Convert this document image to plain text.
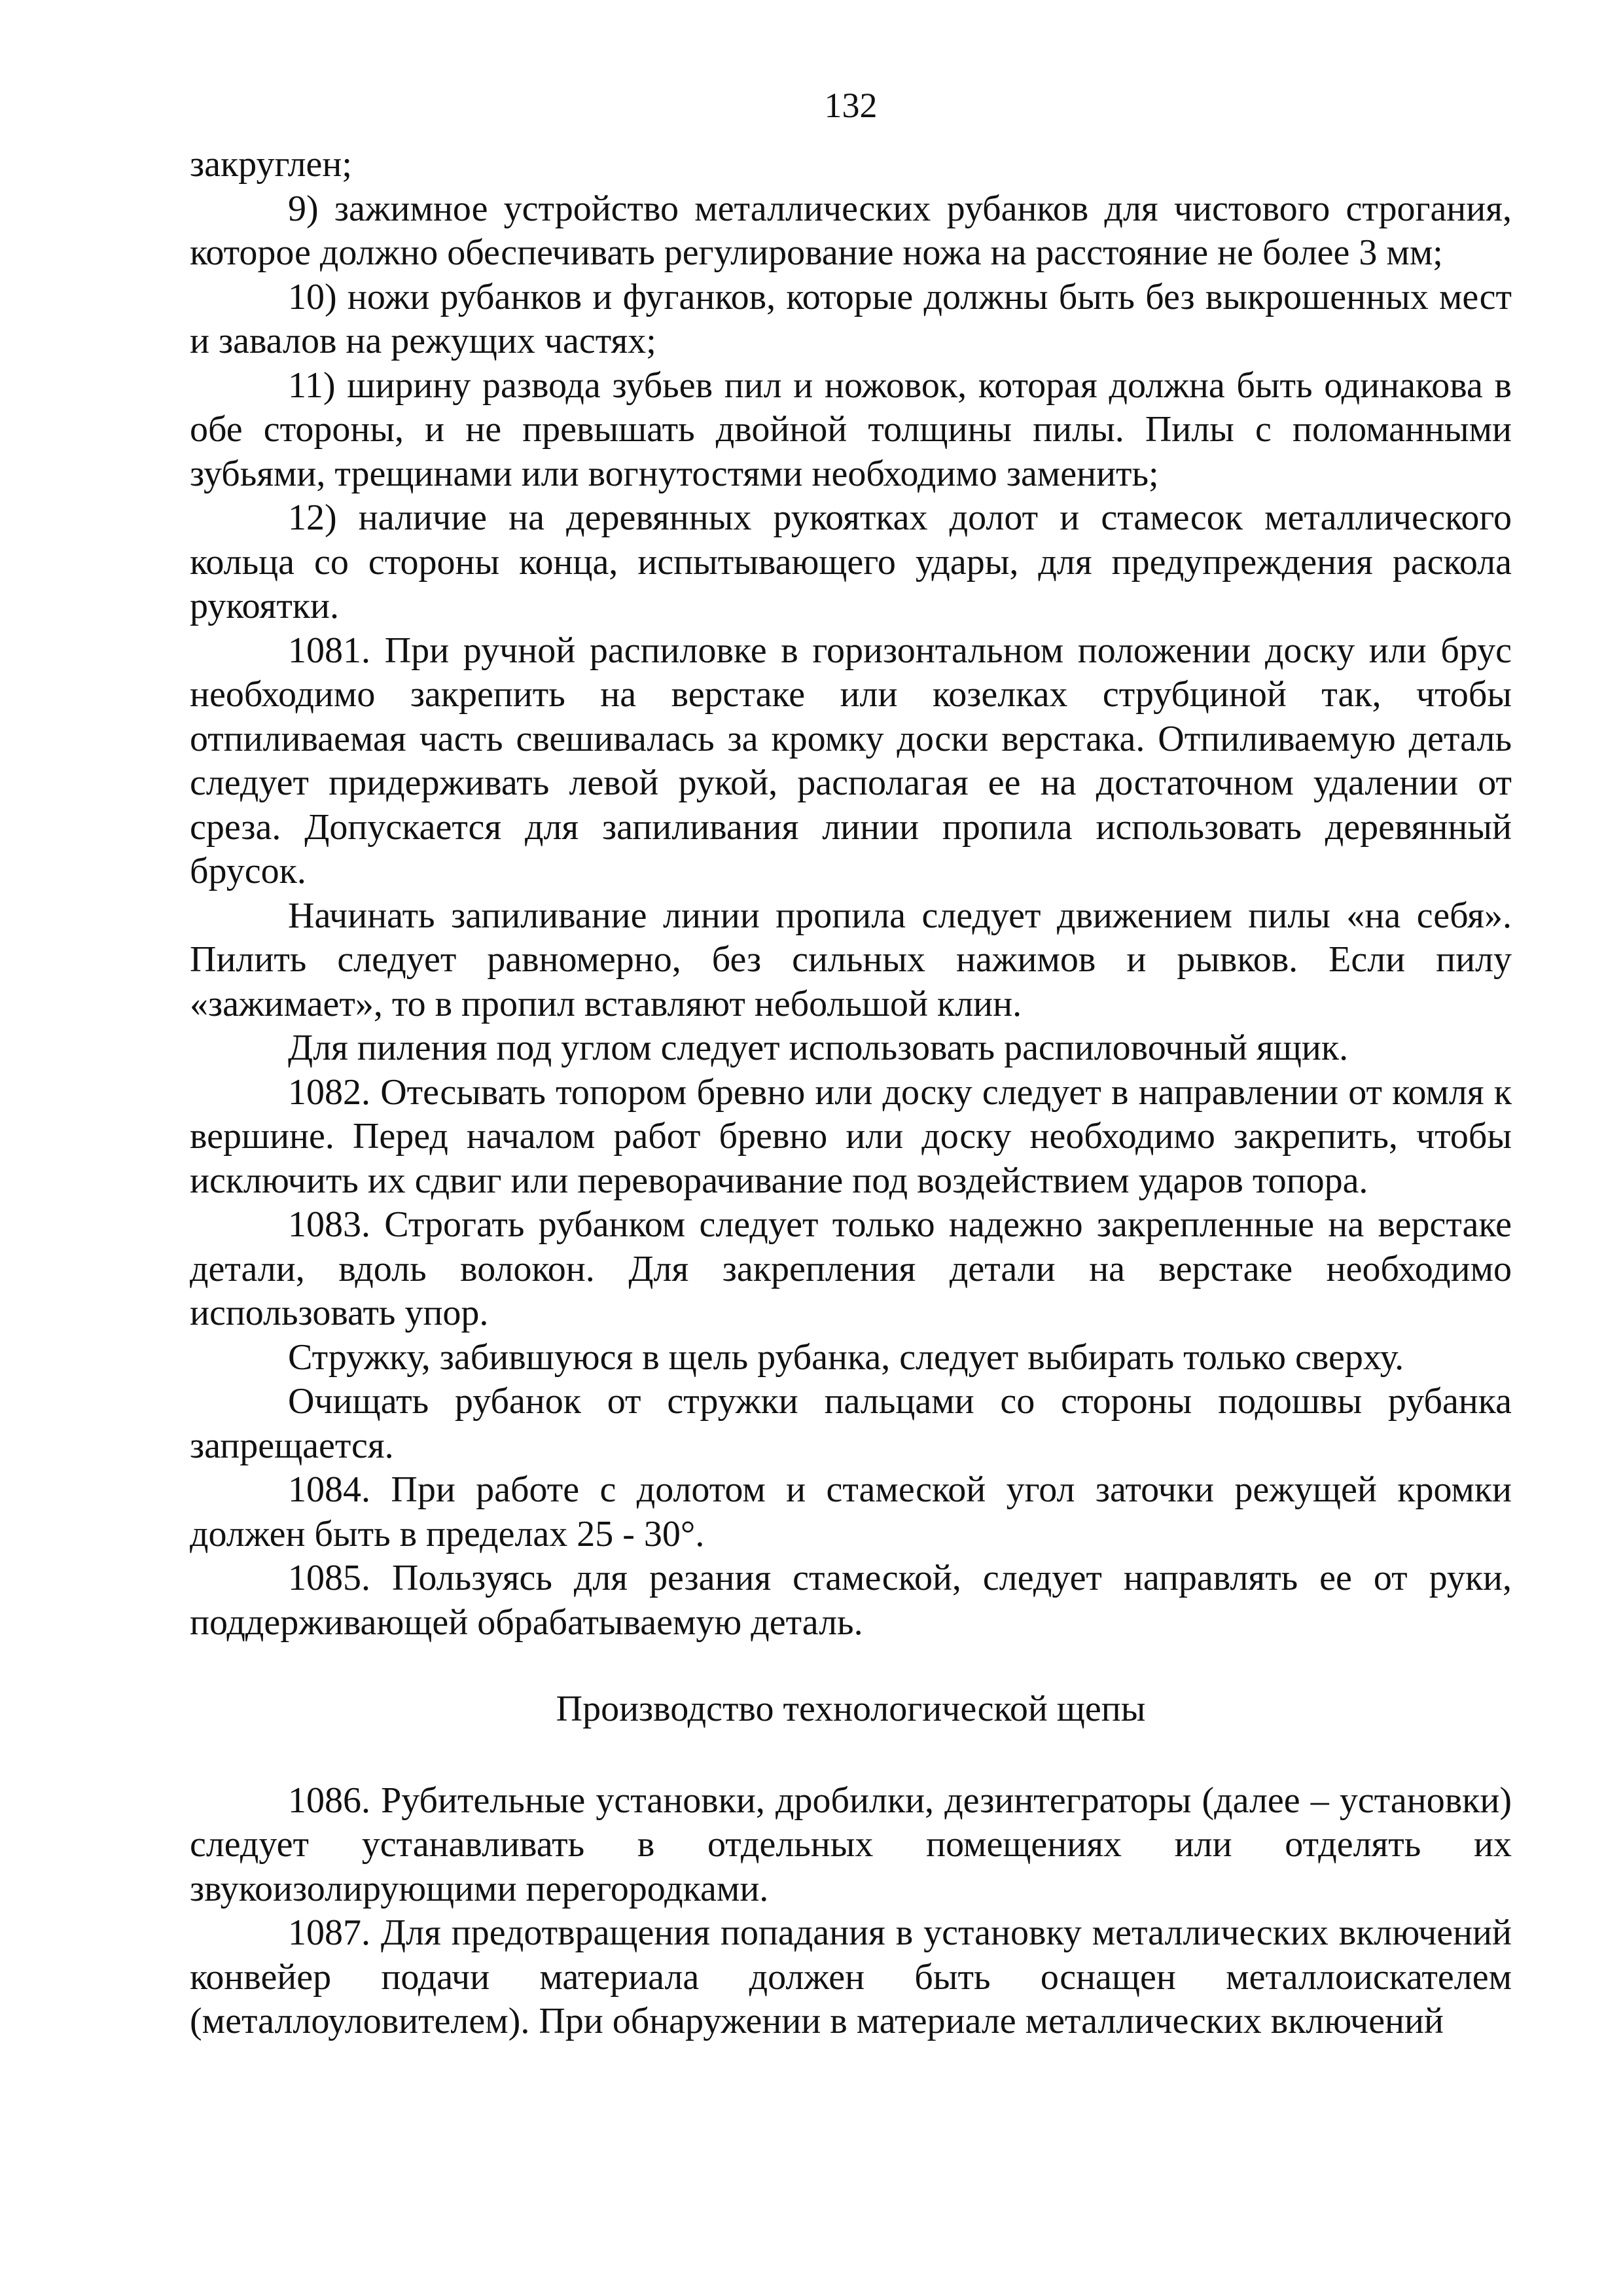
132

закруглен;

9) зажимное устройство металлических рубанков для чистового строгания, которое должно обеспечивать регулирование ножа на расстояние не более 3 мм;

10) ножи рубанков и фуганков, которые должны быть без выкрошенных мест и завалов на режущих частях;

11) ширину развода зубьев пил и ножовок, которая должна быть одинакова в обе стороны, и не превышать двойной толщины пилы. Пилы с поломанными зубьями, трещинами или вогнутостями необходимо заменить;

12) наличие на деревянных рукоятках долот и стамесок металлического кольца со стороны конца, испытывающего удары, для предупреждения раскола рукоятки.

1081. При ручной распиловке в горизонтальном положении доску или брус необходимо закрепить на верстаке или козелках струбциной так, чтобы отпиливаемая часть свешивалась за кромку доски верстака. Отпиливаемую деталь следует придерживать левой рукой, располагая ее на достаточном удалении от среза. Допускается для запиливания линии пропила использовать деревянный брусок.

Начинать запиливание линии пропила следует движением пилы «на себя». Пилить следует равномерно, без сильных нажимов и рывков. Если пилу «зажимает», то в пропил вставляют небольшой клин.

Для пиления под углом следует использовать распиловочный ящик.

1082. Отесывать топором бревно или доску следует в направлении от комля к вершине. Перед началом работ бревно или доску необходимо закрепить, чтобы исключить их сдвиг или переворачивание под воздействием ударов топора.

1083. Строгать рубанком следует только надежно закрепленные на верстаке детали, вдоль волокон. Для закрепления детали на верстаке необходимо использовать упор.

Стружку, забившуюся в щель рубанка, следует выбирать только сверху.

Очищать рубанок от стружки пальцами со стороны подошвы рубанка запрещается.

1084. При работе с долотом и стамеской угол заточки режущей кромки должен быть в пределах 25 - 30°.

1085. Пользуясь для резания стамеской, следует направлять ее от руки, поддерживающей обрабатываемую деталь.

Производство технологической щепы

1086. Рубительные установки, дробилки, дезинтеграторы (далее – установки) следует устанавливать в отдельных помещениях или отделять их звукоизолирующими перегородками.

1087. Для предотвращения попадания в установку металлических включений конвейер подачи материала должен быть оснащен металлоискателем (металлоуловителем). При обнаружении в материале металлических включений
